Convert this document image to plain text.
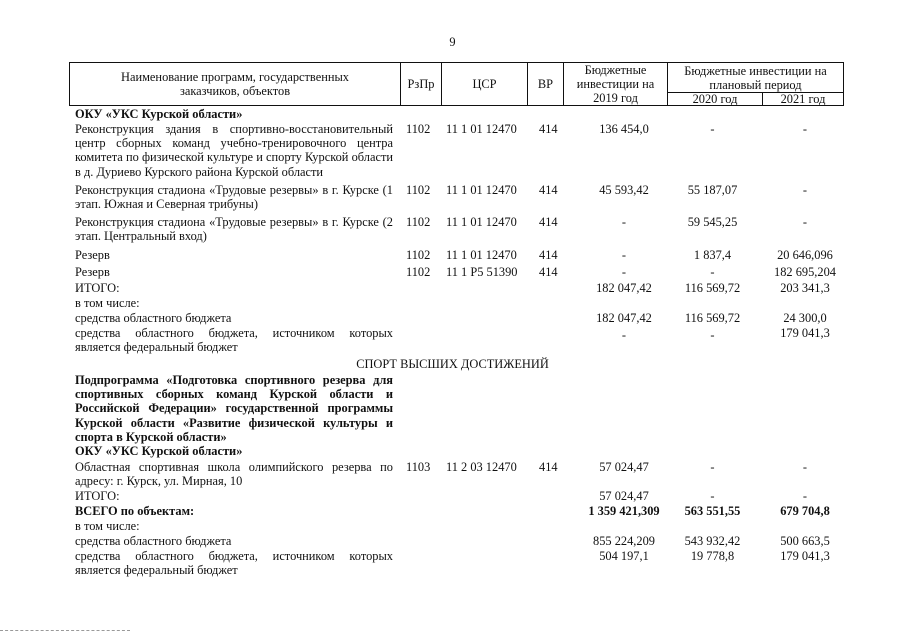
9
Наименование программ, государственных заказчиков, объектов	РзПр	ЦСР	ВР
Бюджетные инвестиции на 2019 год
Бюджетные инвестиции на плановый период
2020 год	2021 год
ОКУ «УКС Курской области»
Реконструкция здания в спортивно-восстановительный центр сборных команд учебно-тренировочного центра комитета по физической культуре и спорту Курской области в д. Дуриево Курского района Курской области
1102 11 1 01 12470 414	136 454,0	-	-
Реконструкция стадиона «Трудовые резервы» в г. Курске (1 этап. Южная и Северная трибуны)
1102 11 1 01 12470 414	45 593,42	55 187,07	-
Реконструкция стадиона «Трудовые резервы» в г. Курске (2 этап. Центральный вход)
1102 11 1 01 12470 414	-	59 545,25	-
Резерв	1102 11 1 01 12470 414	-	1 837,4	20 646,096
Резерв	1102 11 1 P5 51390 414	-	-	182 695,204
ИТОГО:	182 047,42	116 569,72	203 341,3
в том числе:
средства областного бюджета	182 047,42	116 569,72	24 300,0
средства областного бюджета, источником которых является федеральный бюджет
-	-	179 041,3
СПОРТ ВЫСШИХ ДОСТИЖЕНИЙ
Подпрограмма «Подготовка спортивного резерва для спортивных сборных команд Курской области и Российской Федерации» государственной программы Курской области «Развитие физической культуры и спорта в Курской области»
ОКУ «УКС Курской области»
Областная спортивная школа олимпийского резерва по адресу: г. Курск, ул. Мирная, 10
1103 11 2 03 12470 414	57 024,47	-	-
ИТОГО:	57 024,47	-	-
ВСЕГО по объектам:	1 359 421,309	563 551,55	679 704,8
в том числе:
средства областного бюджета	855 224,209	543 932,42	500 663,5
средства областного бюджета, источником которых является федеральный бюджет
504 197,1	19 778,8	179 041,3
